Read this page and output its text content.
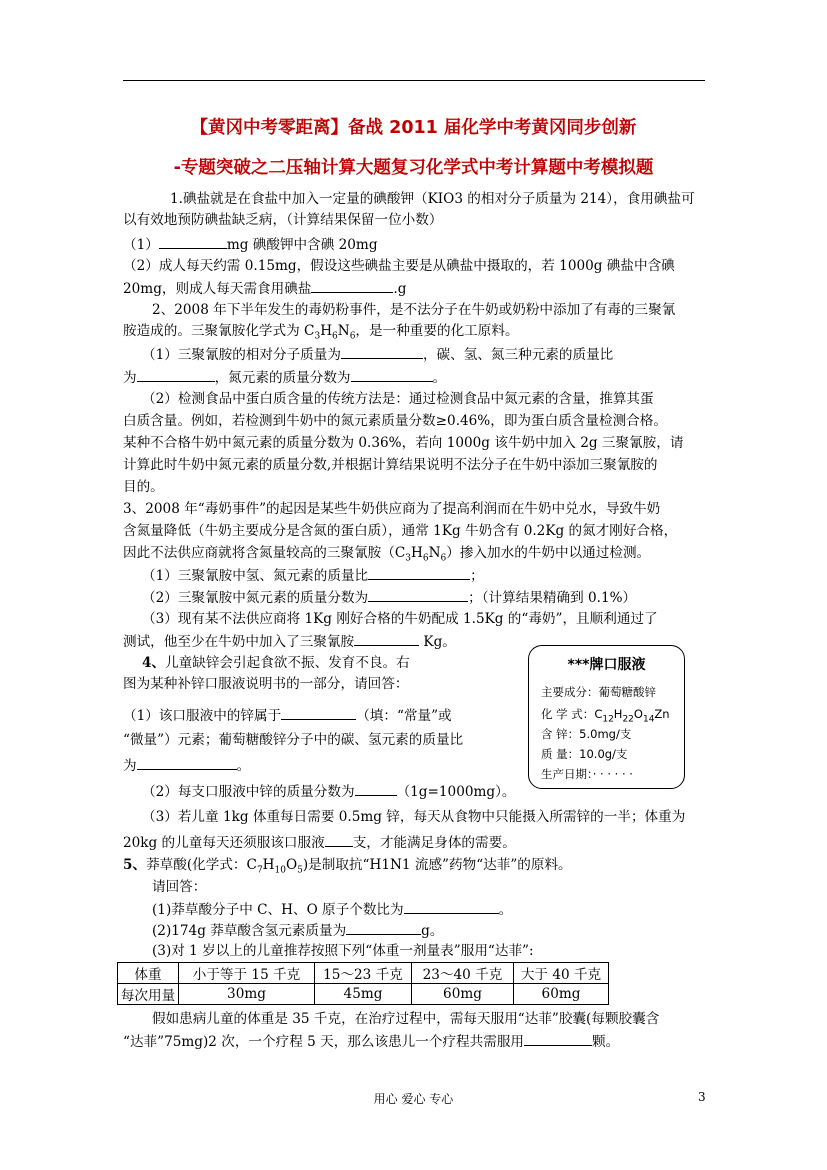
【黄冈中考零距离】备战 2011 届化学中考黄冈同步创新
-专题突破之二压轴计算大题复习化学式中考计算题中考模拟题
1.碘盐就是在食盐中加入一定量的碘酸钾（KIO3 的相对分子质量为 214），食用碘盐可
以有效地预防碘盐缺乏病，（计算结果保留一位小数）
（1）	mg 碘酸钾中含碘 20mg
（2）成人每天约需 0.15mg，假设这些碘盐主要是从碘盐中摄取的，若 1000g 碘盐中含碘
20mg，则成人每天需食用碘盐	.g
2、2008 年下半年发生的毒奶粉事件，是不法分子在牛奶或奶粉中添加了有毒的三聚氰
胺造成的。三聚氰胺化学式为 $C_3H_6N_6$，是一种重要的化工原料。
（1）三聚氰胺的相对分子质量为	，碳、氢、氮三种元素的质量比
为	，氮元素的质量分数为	。
（2）检测食品中蛋白质含量的传统方法是：通过检测食品中氮元素的含量，推算其蛋
白质含量。例如，若检测到牛奶中的氮元素质量分数≥0.46%，即为蛋白质含量检测合格。
某种不合格牛奶中氮元素的质量分数为 0.36%，若向 1000g 该牛奶中加入 2g 三聚氰胺，请
计算此时牛奶中氮元素的质量分数,并根据计算结果说明不法分子在牛奶中添加三聚氰胺的
目的。
3、2008 年“毒奶事件”的起因是某些牛奶供应商为了提高利润而在牛奶中兑水，导致牛奶
含氮量降低（牛奶主要成分是含氮的蛋白质），通常 1Kg 牛奶含有 0.2Kg 的氮才刚好合格，
因此不法供应商就将含氮量较高的三聚氰胺$(C_3H_6N_6)$掺入加水的牛奶中以通过检测。
（1）三聚氰胺中氢、氮元素的质量比	；
（2）三聚氰胺中氮元素的质量分数为	；（计算结果精确到 0.1%）
（3）现有某不法供应商将 1Kg 刚好合格的牛奶配成 1.5Kg 的“毒奶”，且顺利通过了
测试，他至少在牛奶中加入了三聚氰胺	Kg。
4、儿童缺锌会引起食欲不振、发育不良。右
图为某种补锌口服液说明书的一部分，请回答：
（1）该口服液中的锌属于	（填：“常量”或
“微量”）元素；葡萄糖酸锌分子中的碳、氢元素的质量比
为	。
（2）每支口服液中锌的质量分数为	（1g=1000mg）。
（3）若儿童 1kg 体重每日需要 0.5mg 锌，每天从食物中只能摄入所需锌的一半；体重为
20kg 的儿童每天还须服该口服液 支，才能满足身体的需要。
***牌口服液
主要成分：葡萄糖酸锌
化 学 式：$C_{12}H_{22}O_{14}Zn$
含 锌：5.0mg/支
质 量：10.0g/支
生产日期：· · · · · ·
5、莽草酸(化学式：$C_7H_{10}O_5$)是制取抗“H1N1 流感”药物“达菲”的原料。
请回答：
(1)莽草酸分子中 C、H、O 原子个数比为	。
(2)174g 莽草酸含氢元素质量为	g。
(3)对 1 岁以上的儿童推荐按照下列“体重一剂量表”服用“达菲”:
体重	小于等于 15 千克	15～23 千克	23～40 千克	大于 40 千克
每次用量	30mg	45mg	60mg	60mg
假如患病儿童的体重是 35 千克，在治疗过程中，需每天服用“达菲”胶囊(每颗胶囊含
“达菲”75mg)2 次，一个疗程 5 天，那么该患儿一个疗程共需服用	颗。
用心 爱心 专心	3
